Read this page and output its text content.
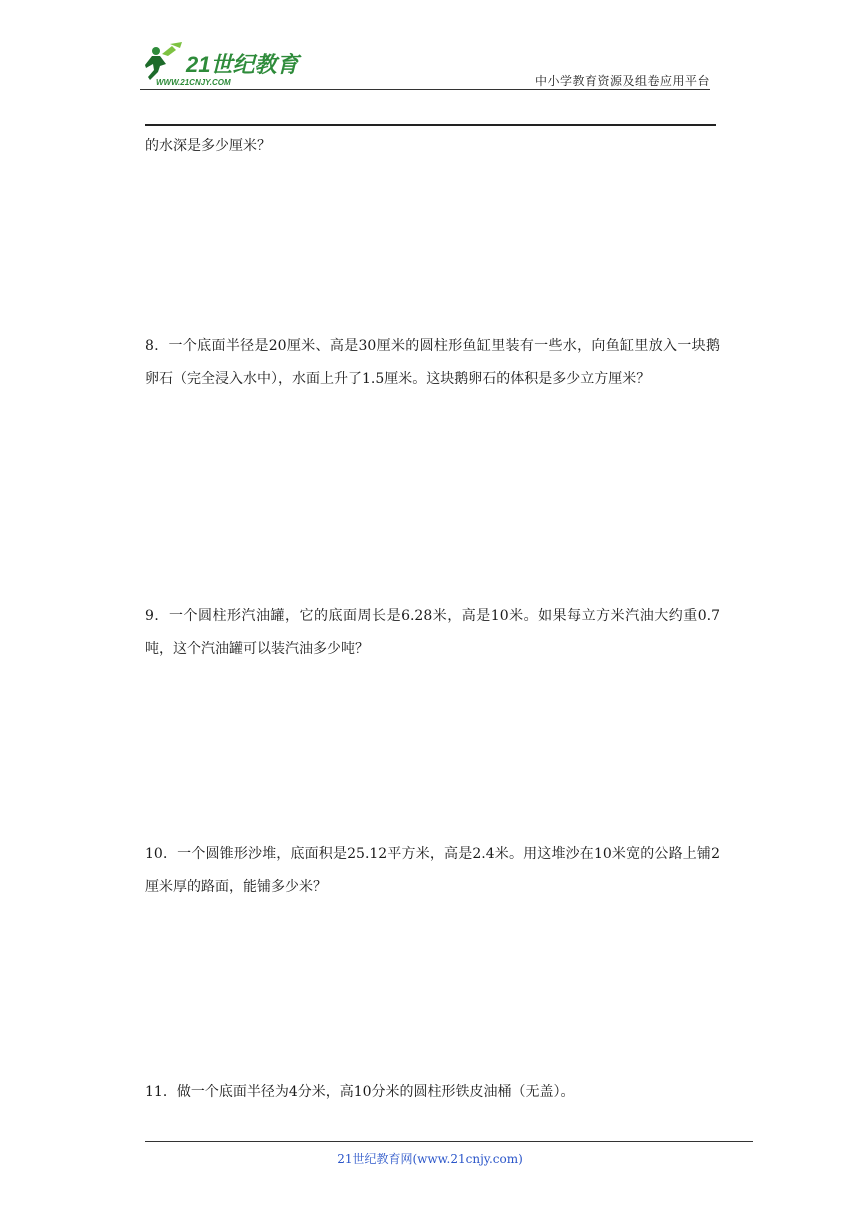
21世纪教育
WWW.21CNJY.COM	中小学教育资源及组卷应用平台
的水深是多少厘米？
8．一个底面半径是20厘米、高是30厘米的圆柱形鱼缸里装有一些水，向鱼缸里放入一块鹅卵石（完全浸入水中），水面上升了1.5厘米。这块鹅卵石的体积是多少立方厘米？
9．一个圆柱形汽油罐，它的底面周长是6.28米，高是10米。如果每立方米汽油大约重0.7吨，这个汽油罐可以装汽油多少吨？
10．一个圆锥形沙堆，底面积是25.12平方米，高是2.4米。用这堆沙在10米宽的公路上铺2厘米厚的路面，能铺多少米？
11．做一个底面半径为4分米，高10分米的圆柱形铁皮油桶（无盖）。
21世纪教育网(www.21cnjy.com)
